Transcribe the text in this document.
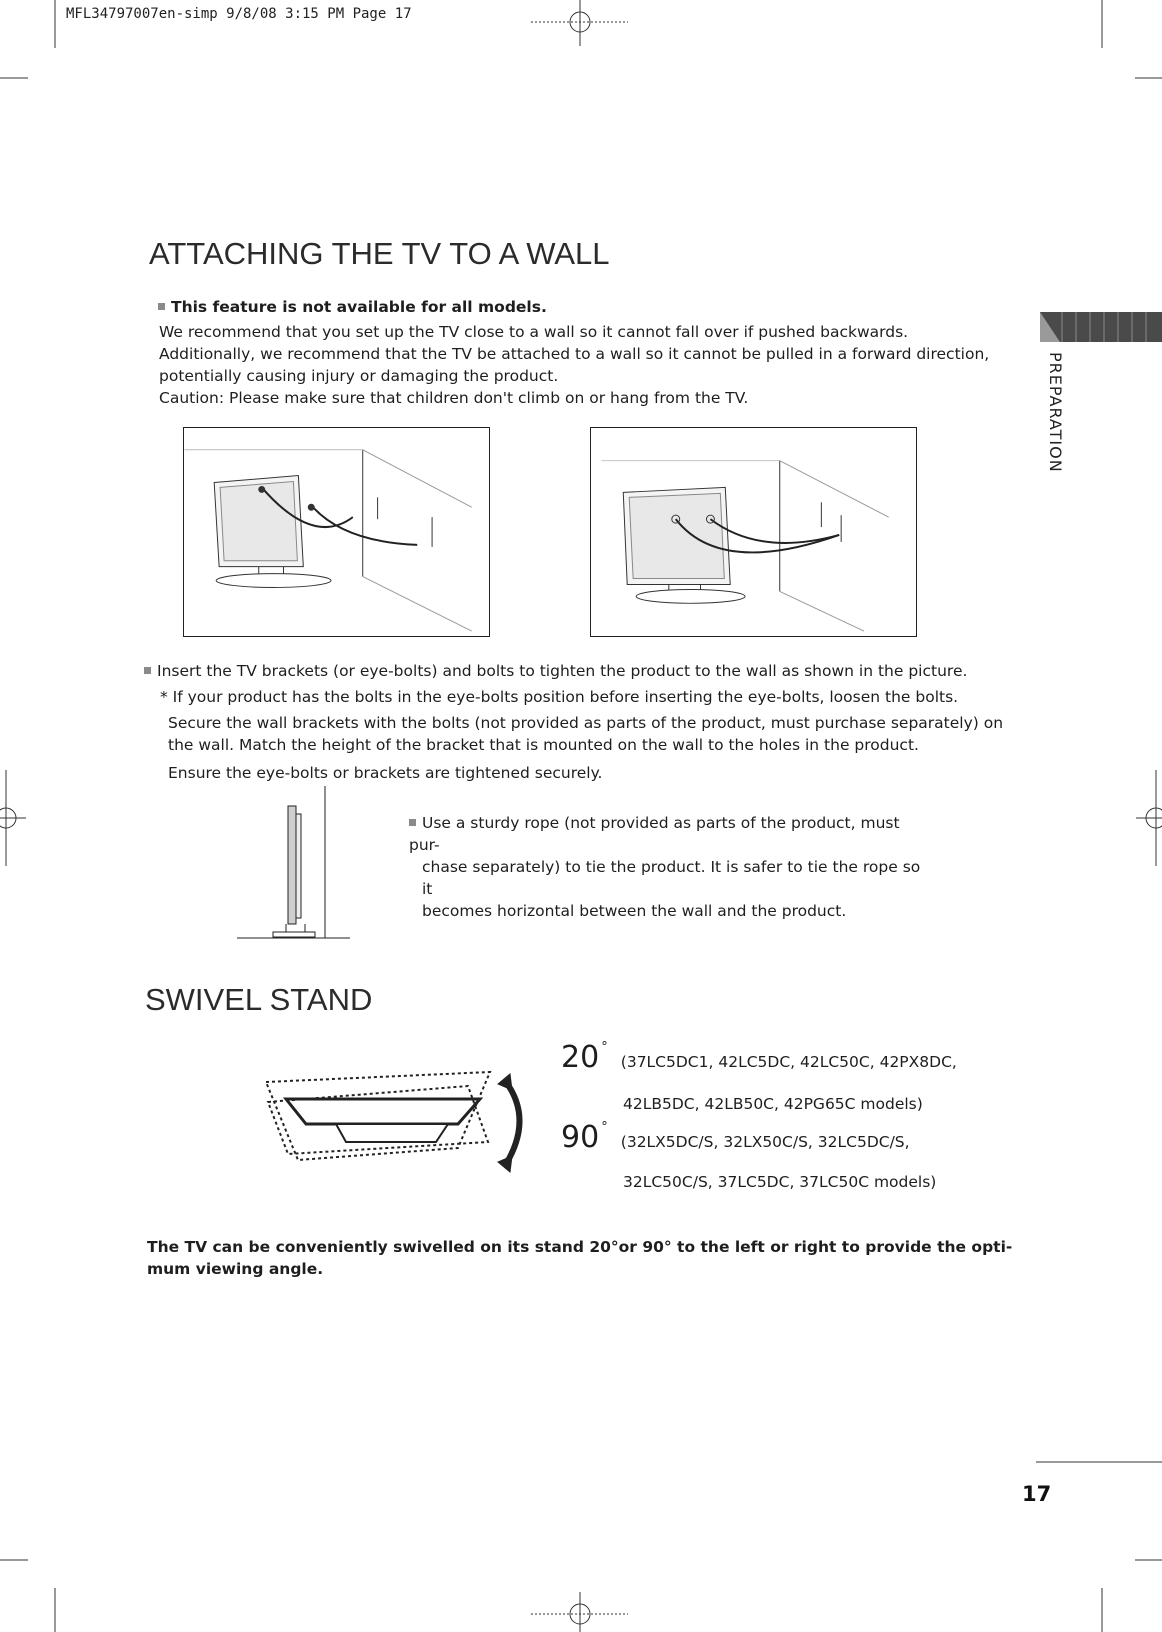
MFL34797007en-simp 9/8/08 3:15 PM Page 17
PREPARATION
ATTACHING THE TV TO A WALL
This feature is not available for all models.
We recommend that you set up the TV close to a wall so it cannot fall over if pushed backwards.
Additionally, we recommend that the TV be attached to a wall so it cannot be pulled in a forward direction,
potentially causing injury or damaging the product.
Caution: Please make sure that children don't climb on or hang from the TV.
Insert the TV brackets (or eye-bolts) and bolts to tighten the product to the wall as shown in the picture.
* If your product has the bolts in the eye-bolts position before inserting the eye-bolts, loosen the bolts.
Secure the wall brackets with the bolts (not provided as parts of the product, must purchase separately) on
the wall. Match the height of the bracket that is mounted on the wall to the holes in the product.
Ensure the eye-bolts or brackets are tightened securely.
Use a sturdy rope (not provided as parts of the product, must pur-
chase separately) to tie the product. It is safer to tie the rope so it
becomes horizontal between the wall and the product.
SWIVEL STAND
20 ° (37LC5DC1, 42LC5DC, 42LC50C, 42PX8DC,
42LB5DC, 42LB50C, 42PG65C models)
90 ° (32LX5DC/S, 32LX50C/S, 32LC5DC/S,
32LC50C/S, 37LC5DC, 37LC50C models)
The TV can be conveniently swivelled on its stand 20°or 90° to the left or right to provide the opti-
mum viewing angle.
17
